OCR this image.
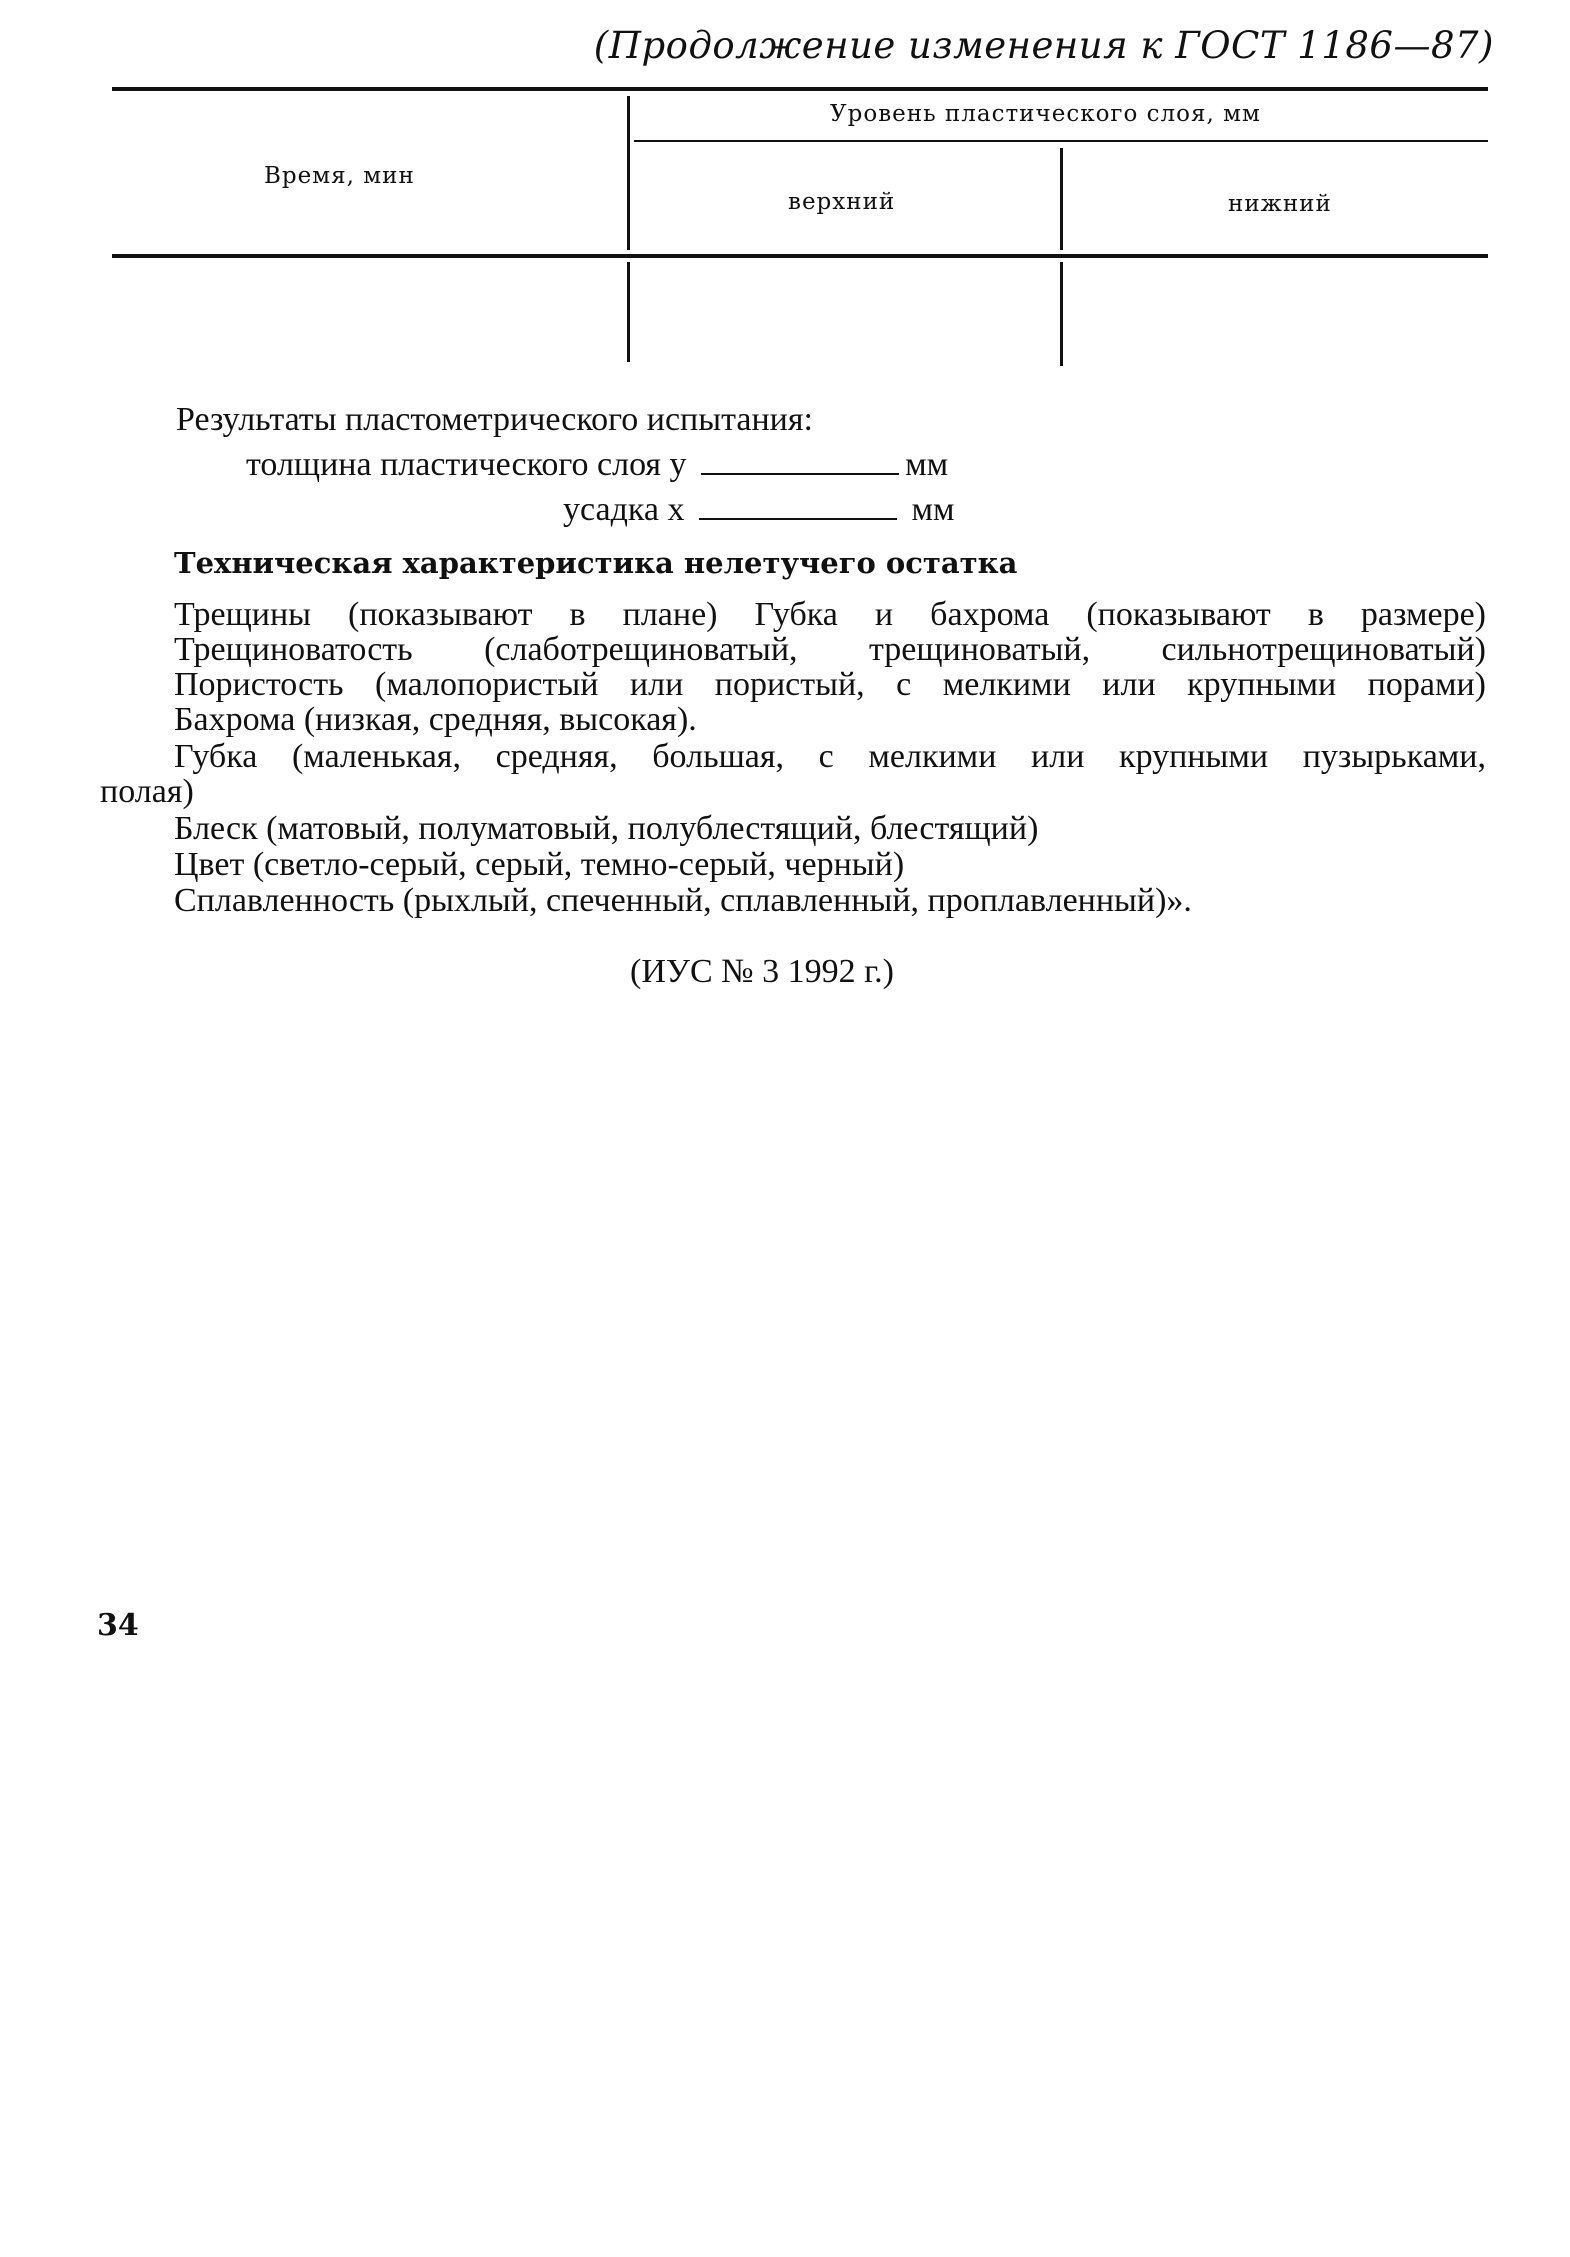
(Продолжение изменения к ГОСТ 1186—87)
Время, мин
Уровень пластического слоя, мм
верхний	нижний
Результаты пластометрического испытания:
толщина пластического слоя у	мм
усадка x	мм
Техническая характеристика нелетучего остатка
Трещины (показывают в плане) Губка и бахрома (показывают в размере)
Трещиноватость (слаботрещиноватый, трещиноватый, сильнотрещиноватый)
Пористость (малопористый или пористый, с мелкими или крупными порами)
Бахрома (низкая, средняя, высокая).
Губка (маленькая, средняя, большая, с мелкими или крупными пузырьками,
полая)
Блеск (матовый, полуматовый, полублестящий, блестящий)
Цвет (светло-серый, серый, темно-серый, черный)
Сплавленность (рыхлый, спеченный, сплавленный, проплавленный)».
(ИУС № 3 1992 г.)
34
